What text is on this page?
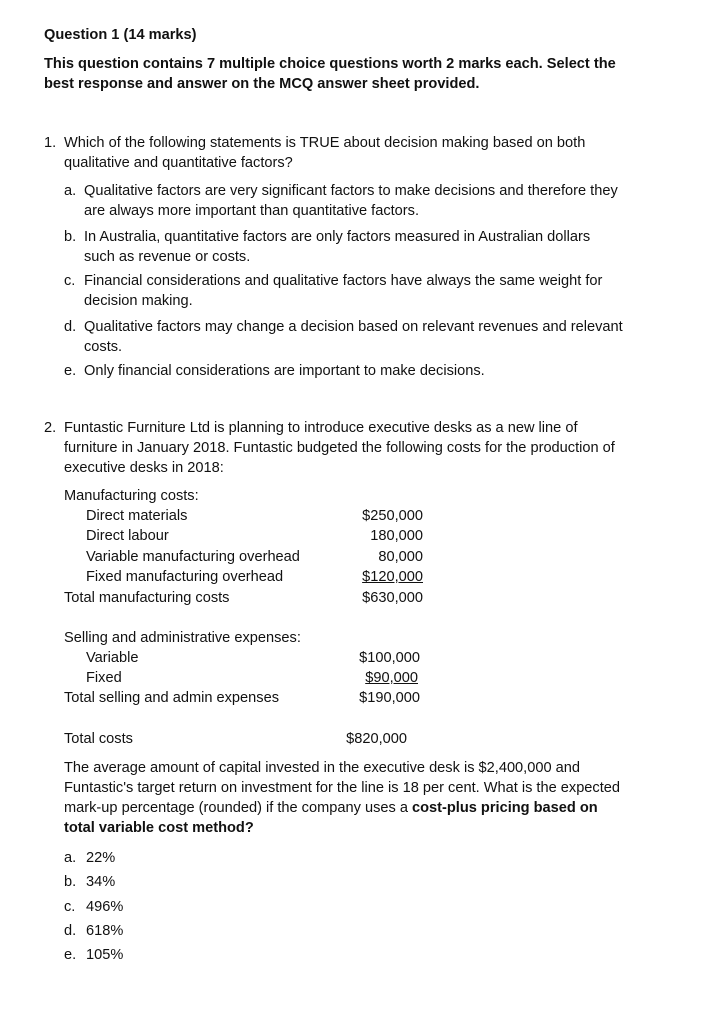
Question 1 (14 marks)
This question contains 7 multiple choice questions worth 2 marks each. Select the
best response and answer on the MCQ answer sheet provided.
1. Which of the following statements is TRUE about decision making based on both
qualitative and quantitative factors?
a. Qualitative factors are very significant factors to make decisions and therefore they
are always more important than quantitative factors.
b. In Australia, quantitative factors are only factors measured in Australian dollars
such as revenue or costs.
c. Financial considerations and qualitative factors have always the same weight for
decision making.
d. Qualitative factors may change a decision based on relevant revenues and relevant
costs.
e. Only financial considerations are important to make decisions.
2. Funtastic Furniture Ltd is planning to introduce executive desks as a new line of
furniture in January 2018. Funtastic budgeted the following costs for the production of
executive desks in 2018:
Manufacturing costs:
Direct materials	$250,000
Direct labour	180,000
Variable manufacturing overhead	80,000
Fixed manufacturing overhead	$120,000
Total manufacturing costs	$630,000
Selling and administrative expenses:
Variable	$100,000
Fixed	$90,000
Total selling and admin expenses	$190,000
Total costs	$820,000
The average amount of capital invested in the executive desk is $2,400,000 and
Funtastic's target return on investment for the line is 18 per cent. What is the expected
mark-up percentage (rounded) if the company uses a cost-plus pricing based on
total variable cost method?
a. 22%
b. 34%
c. 496%
d. 618%
e. 105%
